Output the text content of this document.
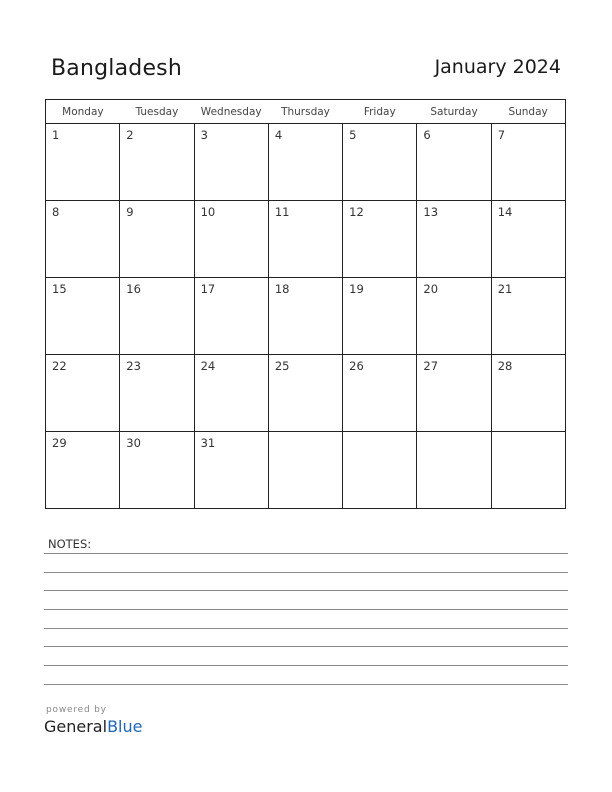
Bangladesh	January 2024
Monday	Tuesday	Wednesday	Thursday	Friday	Saturday	Sunday

1	2	3	4	5	6	7

8	9	10	11	12	13	14

15	16	17	18	19	20	21

22	23	24	25	26	27	28

29	30	31				

NOTES:
powered by
GeneralBlue
